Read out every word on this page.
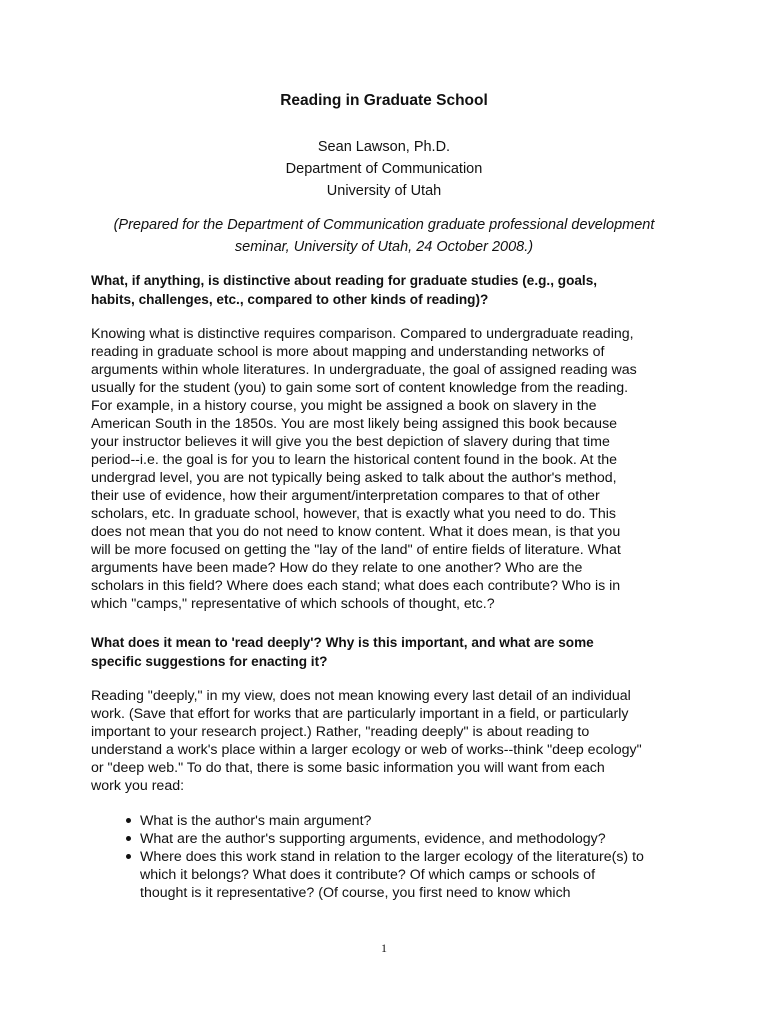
Reading in Graduate School
Sean Lawson, Ph.D.
Department of Communication
University of Utah
(Prepared for the Department of Communication graduate professional development seminar, University of Utah, 24 October 2008.)
What, if anything, is distinctive about reading for graduate studies (e.g., goals,
habits, challenges, etc., compared to other kinds of reading)?
Knowing what is distinctive requires comparison. Compared to undergraduate reading,
reading in graduate school is more about mapping and understanding networks of
arguments within whole literatures. In undergraduate, the goal of assigned reading was
usually for the student (you) to gain some sort of content knowledge from the reading.
For example, in a history course, you might be assigned a book on slavery in the
American South in the 1850s. You are most likely being assigned this book because
your instructor believes it will give you the best depiction of slavery during that time
period--i.e. the goal is for you to learn the historical content found in the book. At the
undergrad level, you are not typically being asked to talk about the author's method,
their use of evidence, how their argument/interpretation compares to that of other
scholars, etc. In graduate school, however, that is exactly what you need to do. This
does not mean that you do not need to know content. What it does mean, is that you
will be more focused on getting the "lay of the land" of entire fields of literature. What
arguments have been made? How do they relate to one another? Who are the
scholars in this field? Where does each stand; what does each contribute? Who is in
which "camps," representative of which schools of thought, etc.?
What does it mean to 'read deeply'? Why is this important, and what are some
specific suggestions for enacting it?
Reading "deeply," in my view, does not mean knowing every last detail of an individual
work. (Save that effort for works that are particularly important in a field, or particularly
important to your research project.) Rather, "reading deeply" is about reading to
understand a work's place within a larger ecology or web of works--think "deep ecology"
or "deep web." To do that, there is some basic information you will want from each
work you read:
What is the author's main argument?
What are the author's supporting arguments, evidence, and methodology?
Where does this work stand in relation to the larger ecology of the literature(s) to
which it belongs? What does it contribute? Of which camps or schools of
thought is it representative? (Of course, you first need to know which
1
